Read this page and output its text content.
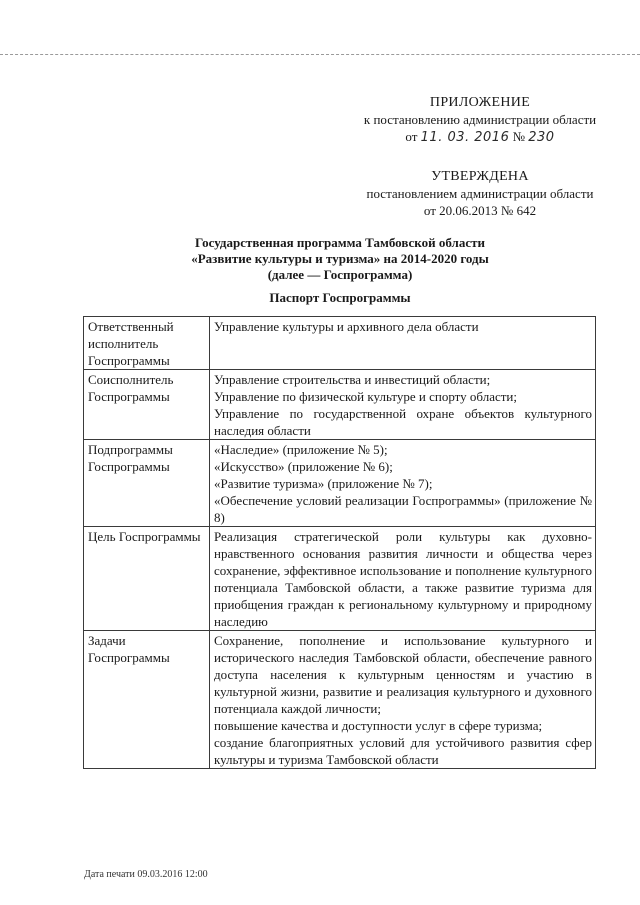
ПРИЛОЖЕНИЕ
к постановлению администрации области
от 11. 03. 2016 № 230
УТВЕРЖДЕНА
постановлением администрации области
от 20.06.2013 № 642
Государственная программа Тамбовской области
«Развитие культуры и туризма» на 2014-2020 годы
(далее — Госпрограмма)
Паспорт Госпрограммы
Ответственный исполнитель Госпрограммы	Управление культуры и архивного дела области

Соисполнитель Госпрограммы	Управление строительства и инвестиций области;
Управление по физической культуре и спорту области;
Управление по государственной охране объектов культурного наследия области

Подпрограммы Госпрограммы	«Наследие» (приложение № 5);
«Искусство» (приложение № 6);
«Развитие туризма» (приложение № 7);
«Обеспечение условий реализации Госпрограммы» (приложение № 8)

Цель Госпрограммы	Реализация стратегической роли культуры как духовно-нравственного основания развития личности и общества через сохранение, эффективное использование и пополнение культурного потенциала Тамбовской области, а также развитие туризма для приобщения граждан к региональному культурному и природному наследию

Задачи Госпрограммы	Сохранение, пополнение и использование культурного и исторического наследия Тамбовской области, обеспечение равного доступа населения к культурным ценностям и участию в культурной жизни, развитие и реализация культурного и духовного потенциала каждой личности;
повышение качества и доступности услуг в сфере туризма;
создание благоприятных условий для устойчивого развития сфер культуры и туризма Тамбовской области
Дата печати 09.03.2016 12:00
